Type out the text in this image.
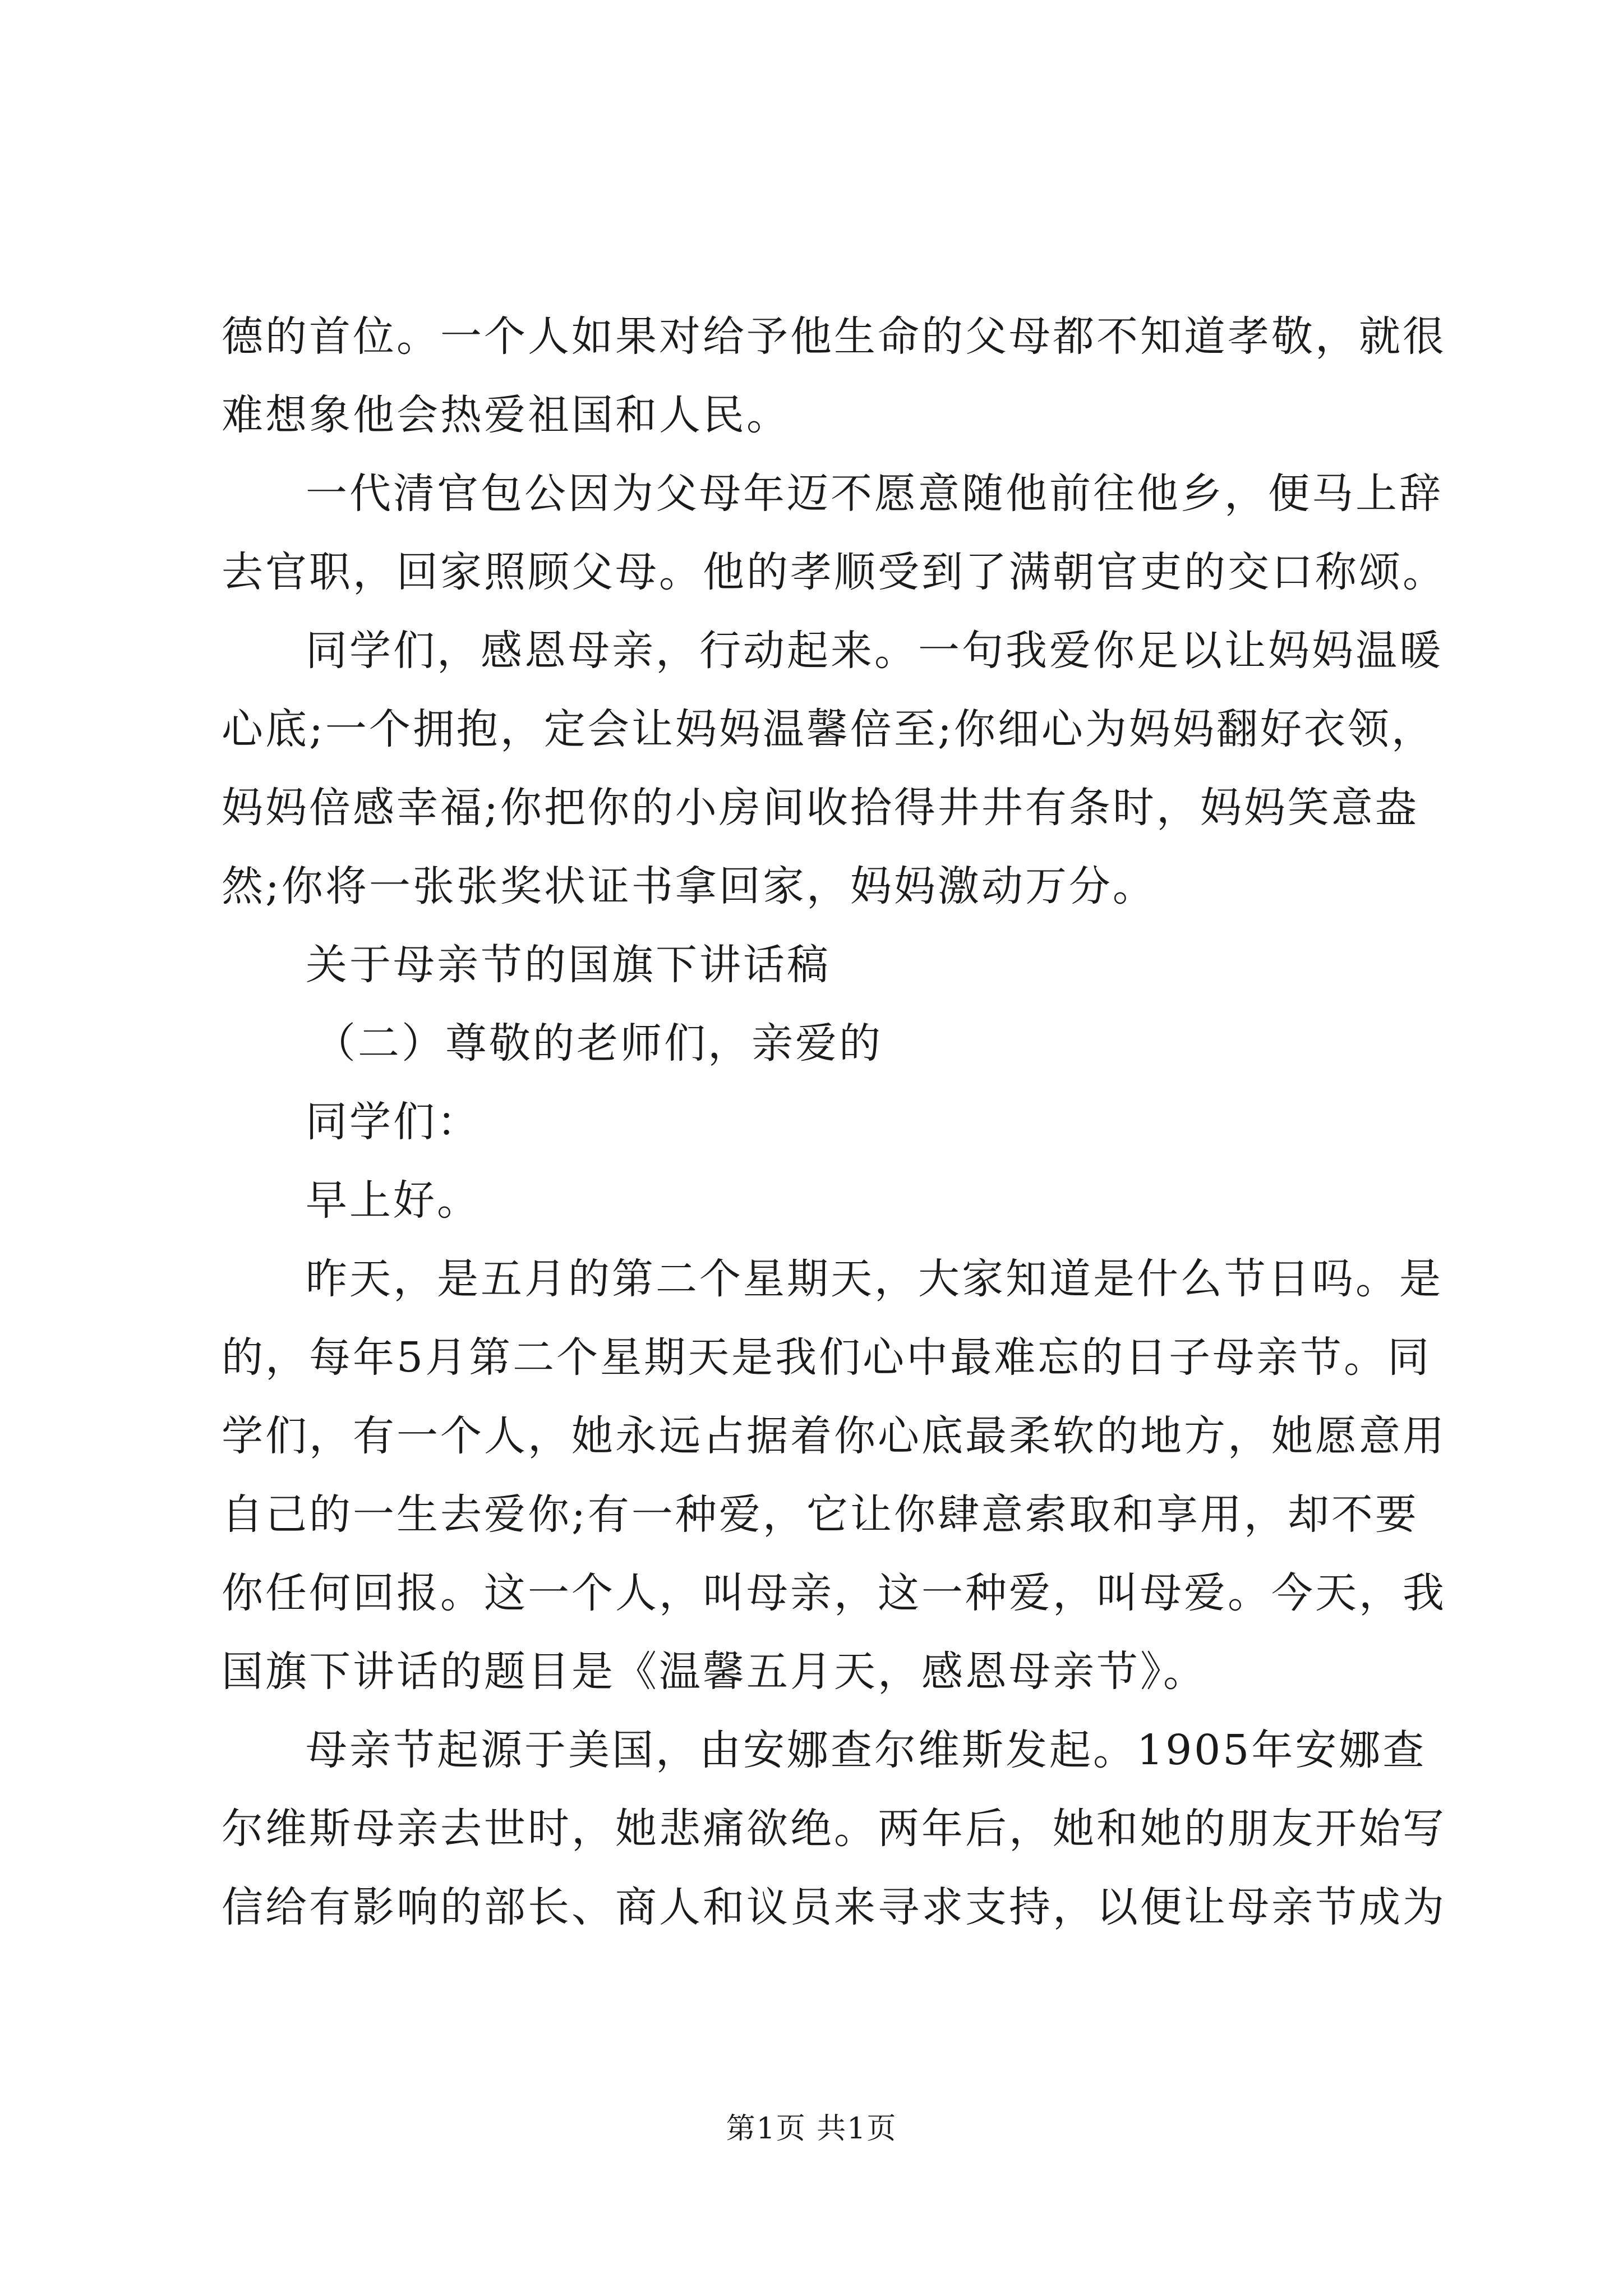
德的首位。一个人如果对给予他生命的父母都不知道孝敬，就很
难想象他会热爱祖国和人民。
一代清官包公因为父母年迈不愿意随他前往他乡，便马上辞
去官职，回家照顾父母。他的孝顺受到了满朝官吏的交口称颂。
同学们，感恩母亲，行动起来。一句我爱你足以让妈妈温暖
心底;一个拥抱，定会让妈妈温馨倍至;你细心为妈妈翻好衣领，
妈妈倍感幸福;你把你的小房间收拾得井井有条时，妈妈笑意盎
然;你将一张张奖状证书拿回家，妈妈激动万分。
关于母亲节的国旗下讲话稿
（二）尊敬的老师们，亲爱的
同学们：
早上好。
昨天，是五月的第二个星期天，大家知道是什么节日吗。是
的，每年5月第二个星期天是我们心中最难忘的日子母亲节。同
学们，有一个人，她永远占据着你心底最柔软的地方，她愿意用
自己的一生去爱你;有一种爱，它让你肆意索取和享用，却不要
你任何回报。这一个人，叫母亲，这一种爱，叫母爱。今天，我
国旗下讲话的题目是《温馨五月天，感恩母亲节》。
母亲节起源于美国，由安娜查尔维斯发起。1905年安娜查
尔维斯母亲去世时，她悲痛欲绝。两年后，她和她的朋友开始写
信给有影响的部长、商人和议员来寻求支持，以便让母亲节成为
第1页 共1页
